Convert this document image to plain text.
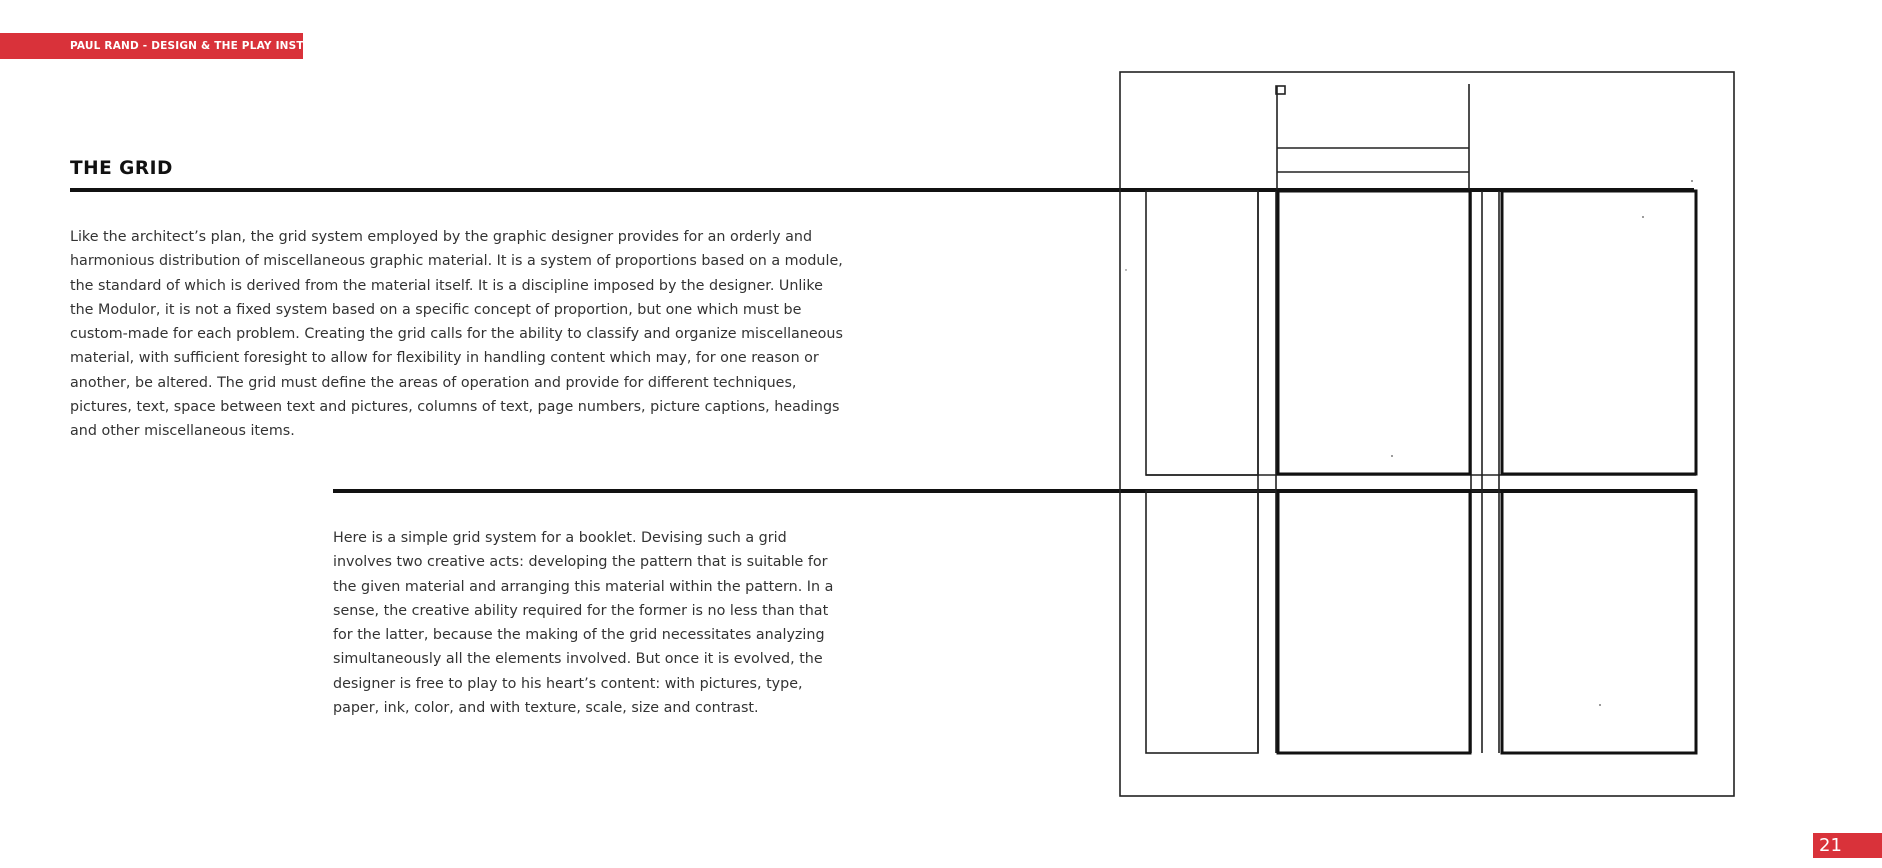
PAUL RAND - DESIGN & THE PLAY INSTINCT
THE GRID

Like the architect’s plan, the grid system employed by the graphic designer provides for an orderly and harmonious distribution of miscellaneous graphic material. It is a system of proportions based on a module, the standard of which is derived from the material itself. It is a discipline imposed by the designer. Unlike the Modulor, it is not a fixed system based on a specific concept of proportion, but one which must be custom-made for each problem. Creating the grid calls for the ability to classify and organize miscellaneous material, with sufficient foresight to allow for flexibility in handling content which may, for one reason or another, be altered. The grid must define the areas of operation and provide for different techniques, pictures, text, space between text and pictures, columns of text, page numbers, picture captions, headings and other miscellaneous items.

Here is a simple grid system for a booklet. Devising such a grid involves two creative acts: developing the pattern that is suitable for the given material and arranging this material within the pattern. In a sense, the creative ability required for the former is no less than that for the latter, because the making of the grid necessitates analyzing simultaneously all the elements involved. But once it is evolved, the designer is free to play to his heart’s content: with pictures, type, paper, ink, color, and with texture, scale, size and contrast.

21
